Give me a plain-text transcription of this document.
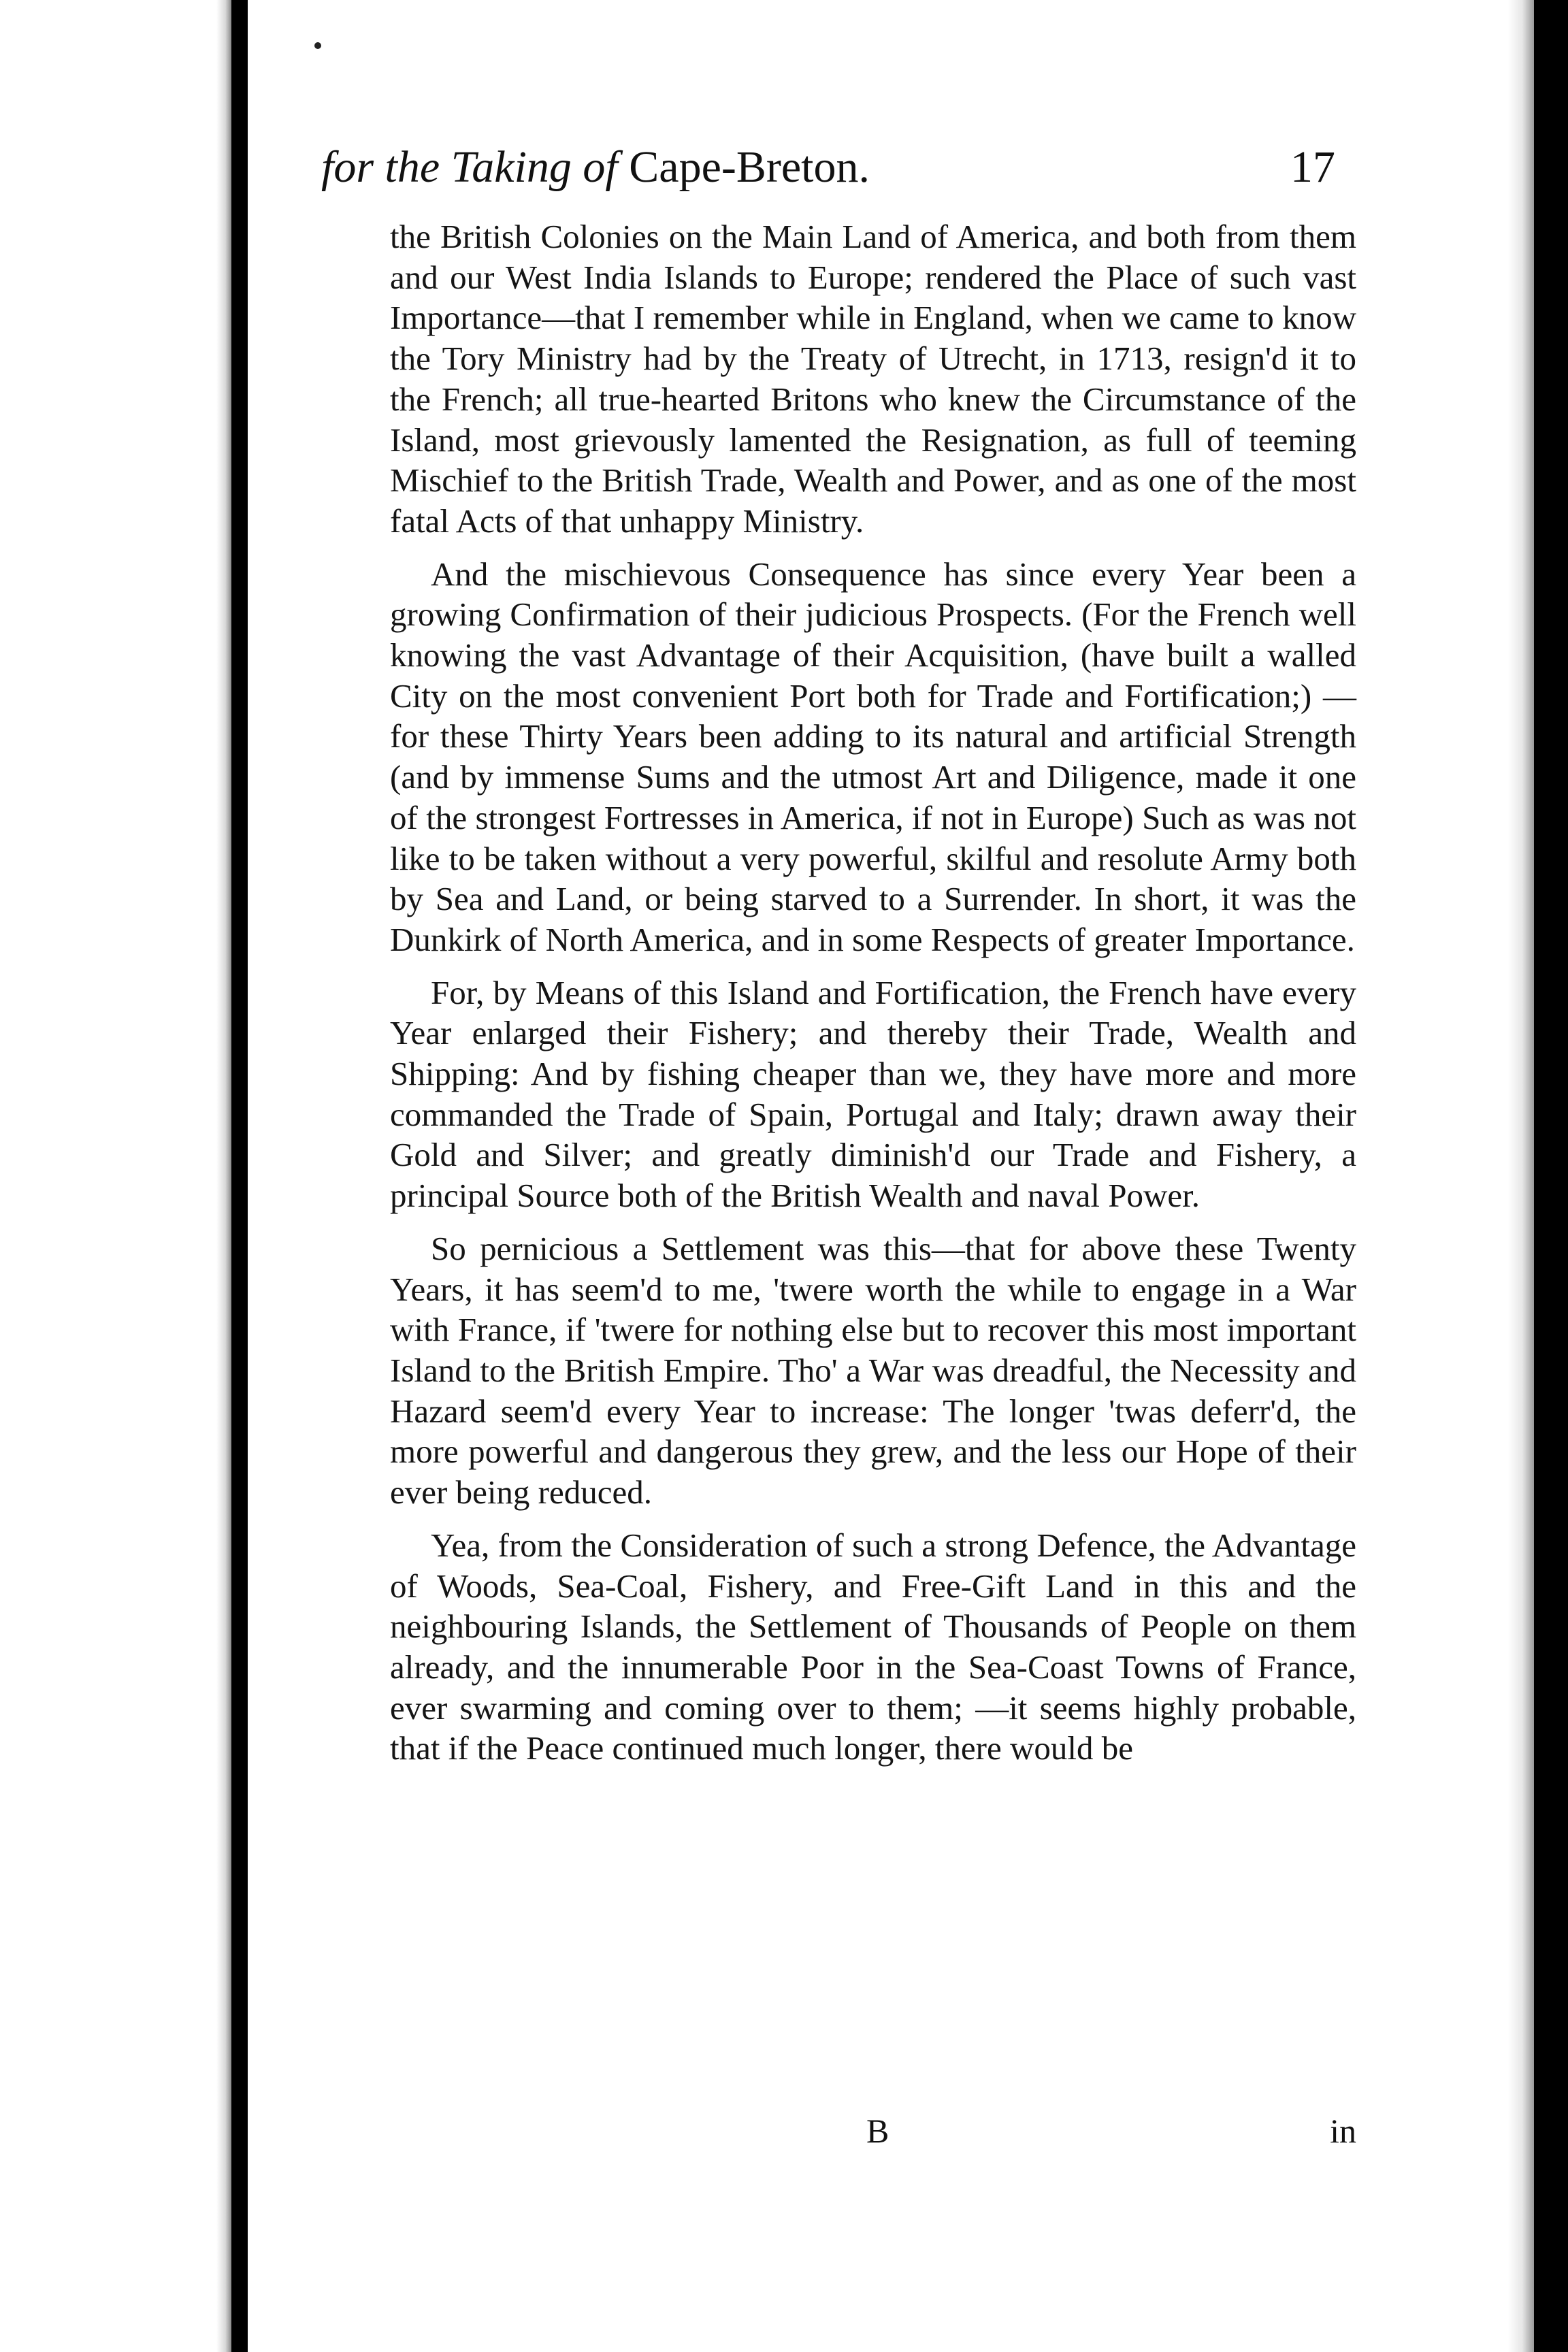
for the Taking of Cape-Breton.	17

the British Colonies on the Main Land of America, and both from them and our West India Islands to Europe; rendered the Place of such vast Importance—that I remember while in England, when we came to know the Tory Ministry had by the Treaty of Utrecht, in 1713, resign'd it to the French; all true-hearted Britons who knew the Circumstance of the Island, most grievously lamented the Resignation, as full of teeming Mischief to the British Trade, Wealth and Power, and as one of the most fatal Acts of that unhappy Ministry.

And the mischievous Consequence has since every Year been a growing Confirmation of their judicious Prospects. (For the French well knowing the vast Advantage of their Acquisition, (have built a walled City on the most convenient Port both for Trade and Fortification;) — for these Thirty Years been adding to its natural and artificial Strength (and by immense Sums and the utmost Art and Diligence, made it one of the strongest Fortresses in America, if not in Europe) Such as was not like to be taken without a very powerful, skilful and resolute Army both by Sea and Land, or being starved to a Surrender. In short, it was the Dunkirk of North America, and in some Respects of greater Importance.

For, by Means of this Island and Fortification, the French have every Year enlarged their Fishery; and thereby their Trade, Wealth and Shipping: And by fishing cheaper than we, they have more and more commanded the Trade of Spain, Portugal and Italy; drawn away their Gold and Silver; and greatly diminish'd our Trade and Fishery, a principal Source both of the British Wealth and naval Power.

So pernicious a Settlement was this—that for above these Twenty Years, it has seem'd to me, 'twere worth the while to engage in a War with France, if 'twere for nothing else but to recover this most important Island to the British Empire. Tho' a War was dreadful, the Necessity and Hazard seem'd every Year to increase: The longer 'twas deferr'd, the more powerful and dangerous they grew, and the less our Hope of their ever being reduced.

Yea, from the Consideration of such a strong Defence, the Advantage of Woods, Sea-Coal, Fishery, and Free-Gift Land in this and the neighbouring Islands, the Settlement of Thousands of People on them already, and the innumerable Poor in the Sea-Coast Towns of France, ever swarming and coming over to them; —it seems highly probable, that if the Peace continued much longer, there would be

B	in
